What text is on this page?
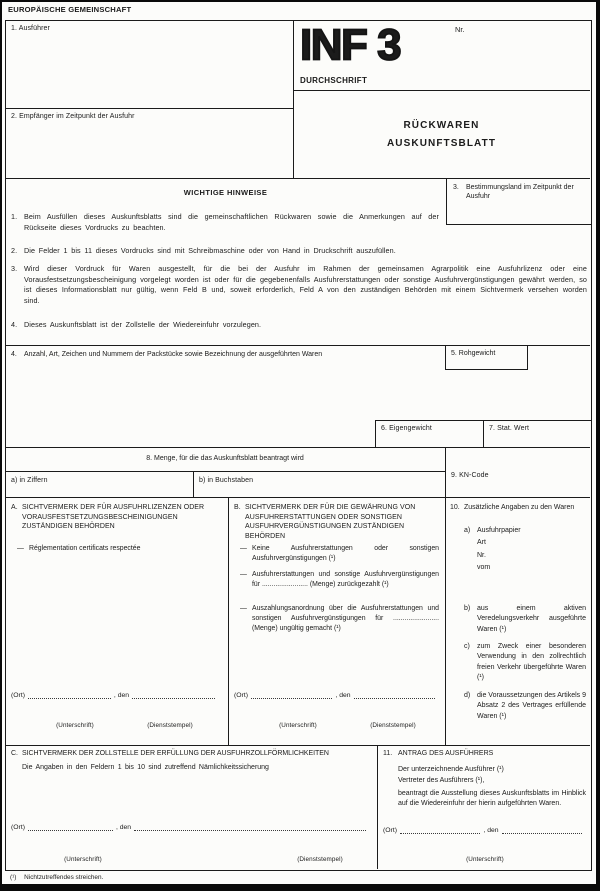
EUROPÄISCHE GEMEINSCHAFT
1. Ausführer
2. Empfänger im Zeitpunkt der Ausfuhr
INF 3	Nr.
DURCHSCHRIFT
RÜCKWAREN
AUSKUNFTSBLATT
3.	Bestimmungsland im Zeitpunkt der Ausfuhr
WICHTIGE HINWEISE
1. Beim Ausfüllen dieses Auskunftsblatts sind die gemeinschaftlichen Rückwaren sowie die Anmerkungen auf der Rückseite dieses Vordrucks zu beachten.
2. Die Felder 1 bis 11 dieses Vordrucks sind mit Schreibmaschine oder von Hand in Druckschrift auszufüllen.
3. Wird dieser Vordruck für Waren ausgestellt, für die bei der Ausfuhr im Rahmen der gemeinsamen Agrarpolitik eine Ausfuhrlizenz oder eine Vorausfestsetzungsbescheinigung vorgelegt worden ist oder für die gegebenenfalls Ausfuhrerstattungen oder sonstige Ausfuhrvergünstigungen gewährt werden, so ist dieses Informationsblatt nur gültig, wenn Feld B und, soweit erforderlich, Feld A von den zuständigen Behörden mit einem Sichtvermerk versehen worden sind.
4. Dieses Auskunftsblatt ist der Zollstelle der Wiedereinfuhr vorzulegen.
4.	Anzahl, Art, Zeichen und Nummern der Packstücke sowie Bezeichnung der ausgeführten Waren	5. Rohgewicht
6. Eigengewicht	7. Stat. Wert
8. Menge, für die das Auskunftsblatt beantragt wird
a) in Ziffern	b) in Buchstaben
9. KN-Code
A. SICHTVERMERK DER FÜR AUSFUHRLIZENZEN ODER VORAUSFESTSETZUNGSBESCHEINIGUNGEN ZUSTÄNDIGEN BEHÖRDEN
— Réglementation certificats respectée
(Ort)	, den
(Unterschrift)	(Dienststempel)
B. SICHTVERMERK DER FÜR DIE GEWÄHRUNG VON AUSFUHRERSTATTUNGEN ODER SONSTIGEN AUSFUHRVERGÜNSTIGUNGEN ZUSTÄNDIGEN BEHÖRDEN
— Keine Ausfuhrerstattungen oder sonstigen Ausfuhrvergünstigungen (¹)
— Ausfuhrerstattungen und sonstige Ausfuhrvergünstigungen für ........................ (Menge) zurückgezahlt (¹)
— Auszahlungsanordnung über die Ausfuhrerstattungen und sonstigen Ausfuhrvergünstigungen für ........................ (Menge) ungültig gemacht (¹)
(Ort)	, den
(Unterschrift)	(Dienststempel)
10. Zusätzliche Angaben zu den Waren
a) Ausfuhrpapier
Art
Nr.
vom
b) aus einem aktiven Veredelungsverkehr ausgeführte Waren (¹)
c)	zum Zweck einer besonderen Verwendung in den zollrechtlich freien Verkehr übergeführte Waren (¹)
d) die Voraussetzungen des Artikels 9 Absatz 2 des Vertrages erfüllende Waren (¹)
C. SICHTVERMERK DER ZOLLSTELLE DER ERFÜLLUNG DER AUSFUHRZOLLFÖRMLICHKEITEN
Die Angaben in den Feldern 1 bis 10 sind zutreffend Nämlichkeitssicherung
(Ort)	, den
(Unterschrift)	(Dienststempel)
11. ANTRAG DES AUSFÜHRERS
Der unterzeichnende Ausführer (¹)
Vertreter des Ausführers (¹),
beantragt die Ausstellung dieses Auskunftsblatts im Hinblick auf die Wiedereinfuhr der hierin aufgeführten Waren.
(Ort)	, den
(Unterschrift)
(¹) Nichtzutreffendes streichen.
